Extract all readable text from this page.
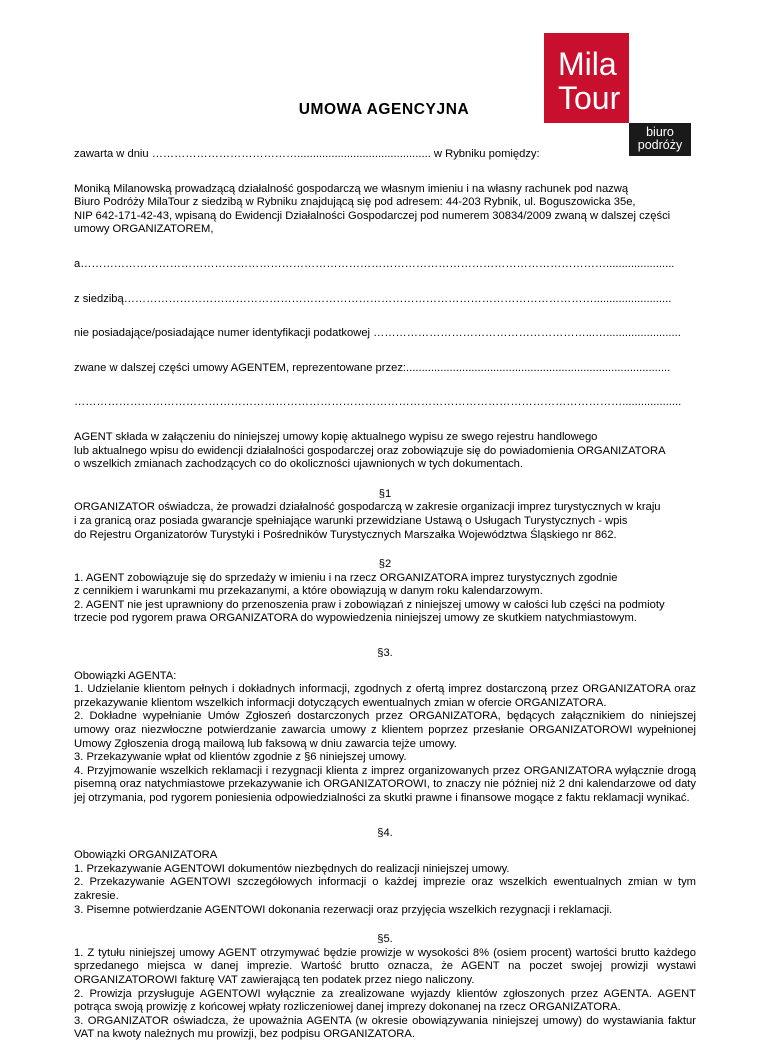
Mila
Tour
biuro
podróży
UMOWA AGENCYJNA

zawarta w dniu …………………………………........................................... w Rybniku pomiędzy:

Moniką Milanowską prowadzącą działalność gospodarczą we własnym imieniu i na własny rachunek pod nazwą

Biuro Podróży MilaTour z siedzibą w Rybniku znajdującą się pod adresem: 44-203 Rybnik, ul. Boguszowicka 35e,

NIP 642-171-42-43, wpisaną do Ewidencji Działalności Gospodarczej pod numerem 30834/2009 zwaną w dalszej części

umowy ORGANIZATOREM,

a……………………………………………………………………………………………………………………………......................

z siedzibą……………………………………………………………………………………………………………….........................

nie posiadające/posiadające numer identyfikacji podatkowej …………………………………………………...…........................

zwane w dalszej części umowy AGENTEM, reprezentowane przez:.....................................................................................

…………………………………………………………………………………………………………………………………...................

AGENT składa w załączeniu do niniejszej umowy kopię aktualnego wypisu ze swego rejestru handlowego

lub aktualnego wpisu do ewidencji działalności gospodarczej oraz zobowiązuje się do powiadomienia ORGANIZATORA

o wszelkich zmianach zachodzących co do okoliczności ujawnionych w tych dokumentach.

§1

ORGANIZATOR oświadcza, że prowadzi działalność gospodarczą w zakresie organizacji imprez turystycznych w kraju

i za granicą oraz posiada gwarancje spełniające warunki przewidziane Ustawą o Usługach Turystycznych - wpis

do Rejestru Organizatorów Turystyki i Pośredników Turystycznych Marszałka Województwa Śląskiego nr 862.

§2

1. AGENT zobowiązuje się do sprzedaży w imieniu i na rzecz ORGANIZATORA imprez turystycznych zgodnie

z cennikiem i warunkami mu przekazanymi, a które obowiązują w danym roku kalendarzowym.

2. AGENT nie jest uprawniony do przenoszenia praw i zobowiązań z niniejszej umowy w całości lub części na podmioty

trzecie pod rygorem prawa ORGANIZATORA do wypowiedzenia niniejszej umowy ze skutkiem natychmiastowym.

§3.

Obowiązki AGENTA:

1. Udzielanie klientom pełnych i dokładnych informacji, zgodnych z ofertą imprez dostarczoną przez ORGANIZATORA oraz przekazywanie klientom wszelkich informacji dotyczących ewentualnych zmian w ofercie ORGANIZATORA.

2. Dokładne wypełnianie Umów Zgłoszeń dostarczonych przez ORGANIZATORA, będących załącznikiem do niniejszej umowy oraz niezwłoczne potwierdzanie zawarcia umowy z klientem poprzez przesłanie ORGANIZATOROWI wypełnionej Umowy Zgłoszenia drogą mailową lub faksową w dniu zawarcia tejże umowy.

3. Przekazywanie wpłat od klientów zgodnie z §6 niniejszej umowy.

4. Przyjmowanie wszelkich reklamacji i rezygnacji klienta z imprez organizowanych przez ORGANIZATORA wyłącznie drogą pisemną oraz natychmiastowe przekazywanie ich ORGANIZATOROWI, to znaczy nie później niż 2 dni kalendarzowe od daty jej otrzymania, pod rygorem poniesienia odpowiedzialności za skutki prawne i finansowe mogące z faktu reklamacji wynikać.

§4.

Obowiązki ORGANIZATORA

1. Przekazywanie AGENTOWI dokumentów niezbędnych do realizacji niniejszej umowy.

2. Przekazywanie AGENTOWI szczegółowych informacji o każdej imprezie oraz wszelkich ewentualnych zmian w tym zakresie.

3. Pisemne potwierdzanie AGENTOWI dokonania rezerwacji oraz przyjęcia wszelkich rezygnacji i reklamacji.

§5.

1. Z tytułu niniejszej umowy AGENT otrzymywać będzie prowizje w wysokości 8% (osiem procent) wartości brutto każdego sprzedanego miejsca w danej imprezie. Wartość brutto oznacza, że AGENT na poczet swojej prowizji wystawi ORGANIZATOROWI fakturę VAT zawierającą ten podatek przez niego naliczony.

2. Prowizja przysługuje AGENTOWI wyłącznie za zrealizowane wyjazdy klientów zgłoszonych przez AGENTA. AGENT potrąca swoją prowizję z końcowej wpłaty rozliczeniowej danej imprezy dokonanej na rzecz ORGANIZATORA.

3. ORGANIZATOR oświadcza, że upoważnia AGENTA (w okresie obowiązywania niniejszej umowy) do wystawiania faktur VAT na kwoty należnych mu prowizji, bez podpisu ORGANIZATORA.
